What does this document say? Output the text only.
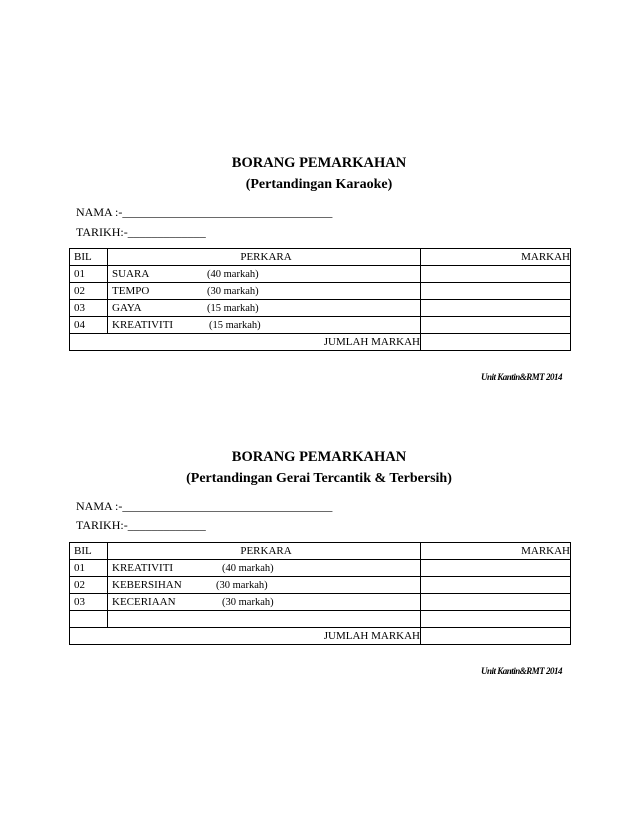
BORANG PEMARKAHAN
(Pertandingan Karaoke)
NAMA :-___________________________________
TARIKH:-_____________
BIL	PERKARA	MARKAH
01	SUARA (40 markah)	
02	TEMPO (30 markah)	
03	GAYA (15 markah)	
04	KREATIVITI (15 markah)	
JUMLAH MARKAH		
Unit Kantin&RMT 2014
BORANG PEMARKAHAN
(Pertandingan Gerai Tercantik & Terbersih)
NAMA :-___________________________________
TARIKH:-_____________
BIL	PERKARA	MARKAH
01	KREATIVITI (40 markah)	
02	KEBERSIHAN (30 markah)	
03	KECERIAAN (30 markah)	

JUMLAH MARKAH		
Unit Kantin&RMT 2014
